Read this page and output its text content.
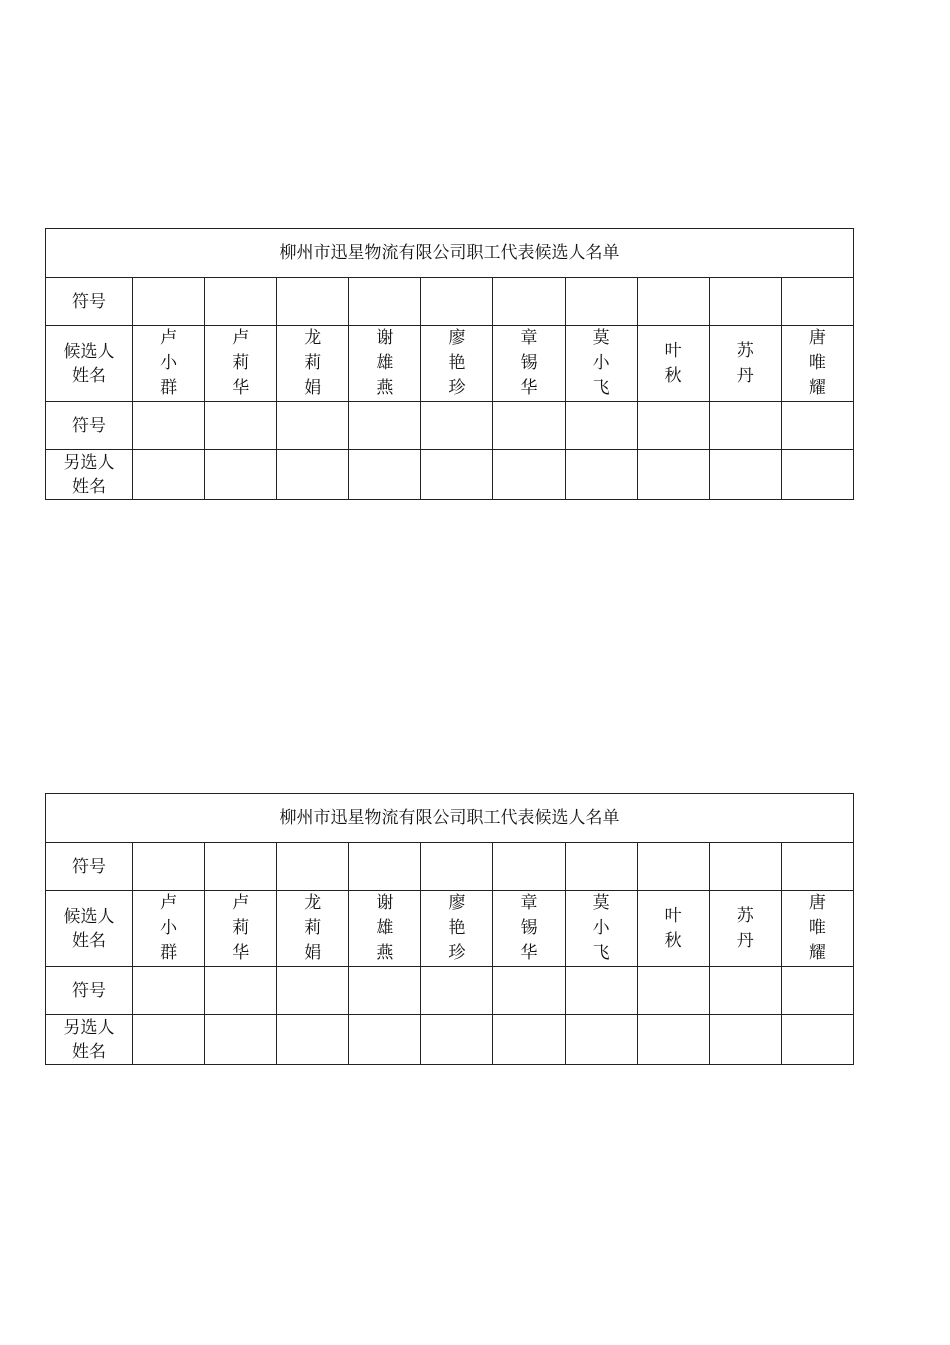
柳州市迅星物流有限公司职工代表候选人名单										
符号										
候选人
姓名	卢小群	卢莉华	龙莉娟	谢雄燕	廖艳珍	章锡华	莫小飞	叶秋	苏丹	唐唯耀
符号										
另选人
姓名										
柳州市迅星物流有限公司职工代表候选人名单										
符号										
候选人
姓名	卢小群	卢莉华	龙莉娟	谢雄燕	廖艳珍	章锡华	莫小飞	叶秋	苏丹	唐唯耀
符号										
另选人
姓名										
